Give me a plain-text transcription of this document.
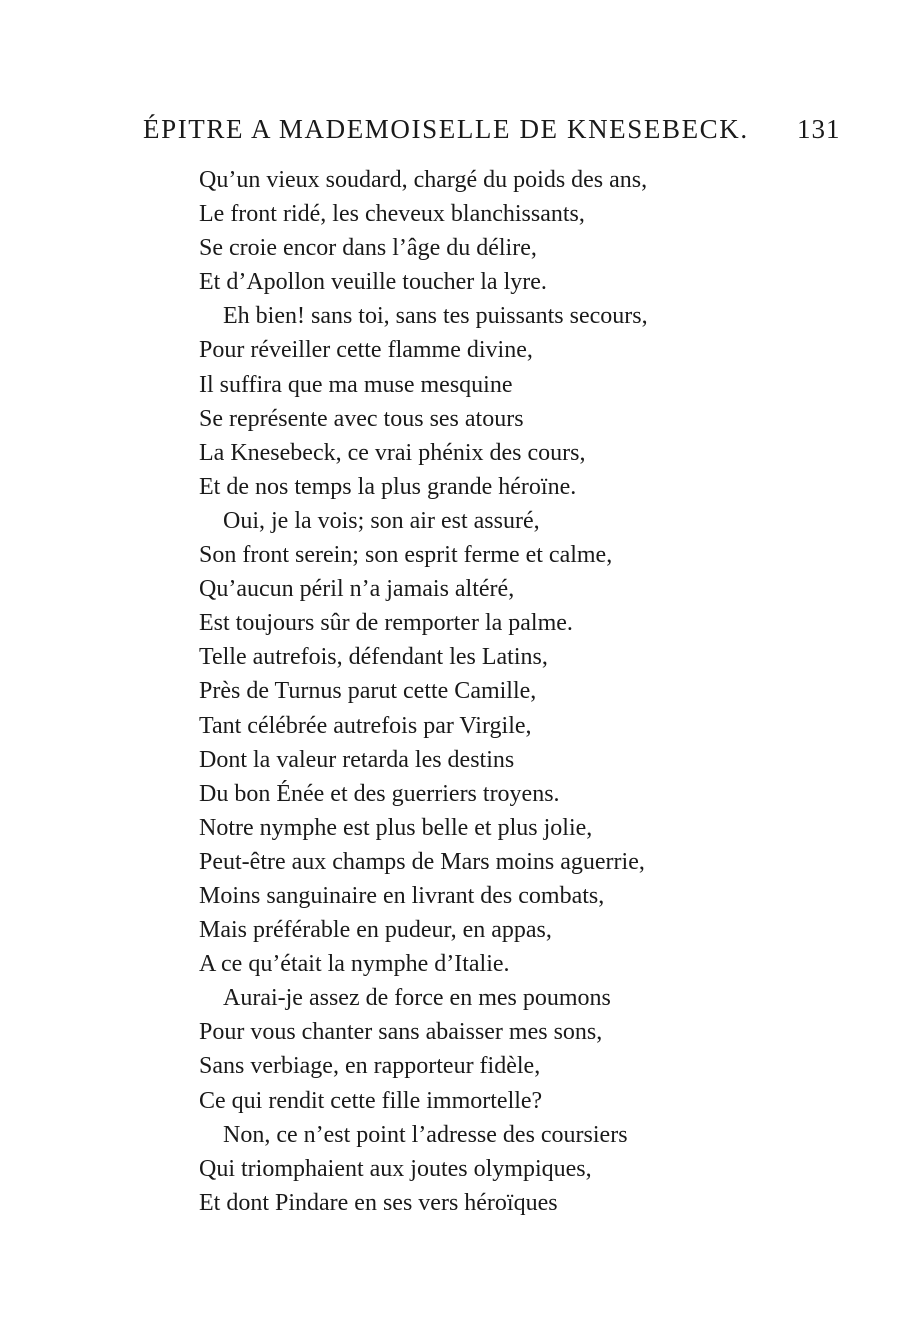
ÉPITRE A MADEMOISELLE DE KNESEBECK. 131
Qu’un vieux soudard, chargé du poids des ans,
Le front ridé, les cheveux blanchissants,
Se croie encor dans l’âge du délire,
Et d’Apollon veuille toucher la lyre.
Eh bien! sans toi, sans tes puissants secours,
Pour réveiller cette flamme divine,
Il suffira que ma muse mesquine
Se représente avec tous ses atours
La Knesebeck, ce vrai phénix des cours,
Et de nos temps la plus grande héroïne.
Oui, je la vois; son air est assuré,
Son front serein; son esprit ferme et calme,
Qu’aucun péril n’a jamais altéré,
Est toujours sûr de remporter la palme.
Telle autrefois, défendant les Latins,
Près de Turnus parut cette Camille,
Tant célébrée autrefois par Virgile,
Dont la valeur retarda les destins
Du bon Énée et des guerriers troyens.
Notre nymphe est plus belle et plus jolie,
Peut-être aux champs de Mars moins aguerrie,
Moins sanguinaire en livrant des combats,
Mais préférable en pudeur, en appas,
A ce qu’était la nymphe d’Italie.
Aurai-je assez de force en mes poumons
Pour vous chanter sans abaisser mes sons,
Sans verbiage, en rapporteur fidèle,
Ce qui rendit cette fille immortelle?
Non, ce n’est point l’adresse des coursiers
Qui triomphaient aux joutes olympiques,
Et dont Pindare en ses vers héroïques
